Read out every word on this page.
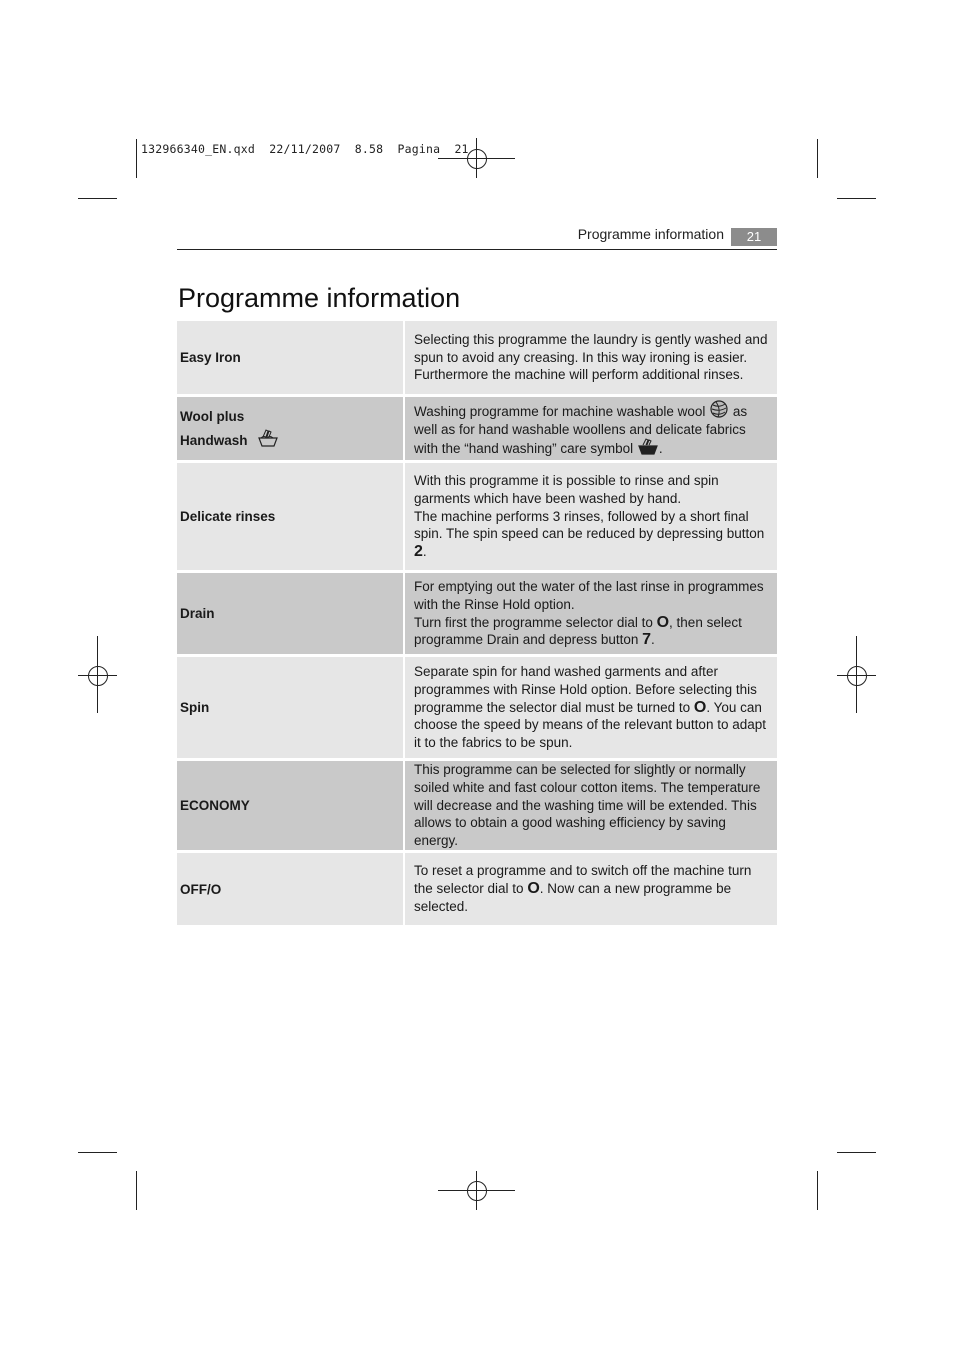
132966340_EN.qxd  22/11/2007  8.58  Pagina  21
Programme information	21
Programme information
Easy Iron
Selecting this programme the laundry is gently washed and spun to avoid any creasing. In this way ironing is easier. Furthermore the machine will perform additional rinses.
Wool plus
Handwash
Washing programme for machine washable wool  as well as for hand washable woollens and delicate fabrics with the “hand washing” care symbol .
Delicate rinses
With this programme it is possible to rinse and spin garments which have been washed by hand.
The machine performs 3 rinses, followed by a short final spin. The spin speed can be reduced by depressing button 2.
Drain
For emptying out the water of the last rinse in programmes with the Rinse Hold option.
Turn first the programme selector dial to O, then select programme Drain and depress button 7.
Spin
Separate spin for hand washed garments and after programmes with Rinse Hold option. Before selecting this programme the selector dial must be turned to O. You can choose the speed by means of the relevant button to adapt it to the fabrics to be spun.
ECONOMY
This programme can be selected for slightly or normally soiled white and fast colour cotton items. The temperature will decrease and the washing time will be extended. This allows to obtain a good washing efficiency by saving energy.
OFF/O
To reset a programme and to switch off the machine turn the selector dial to O. Now can a new programme be selected.
